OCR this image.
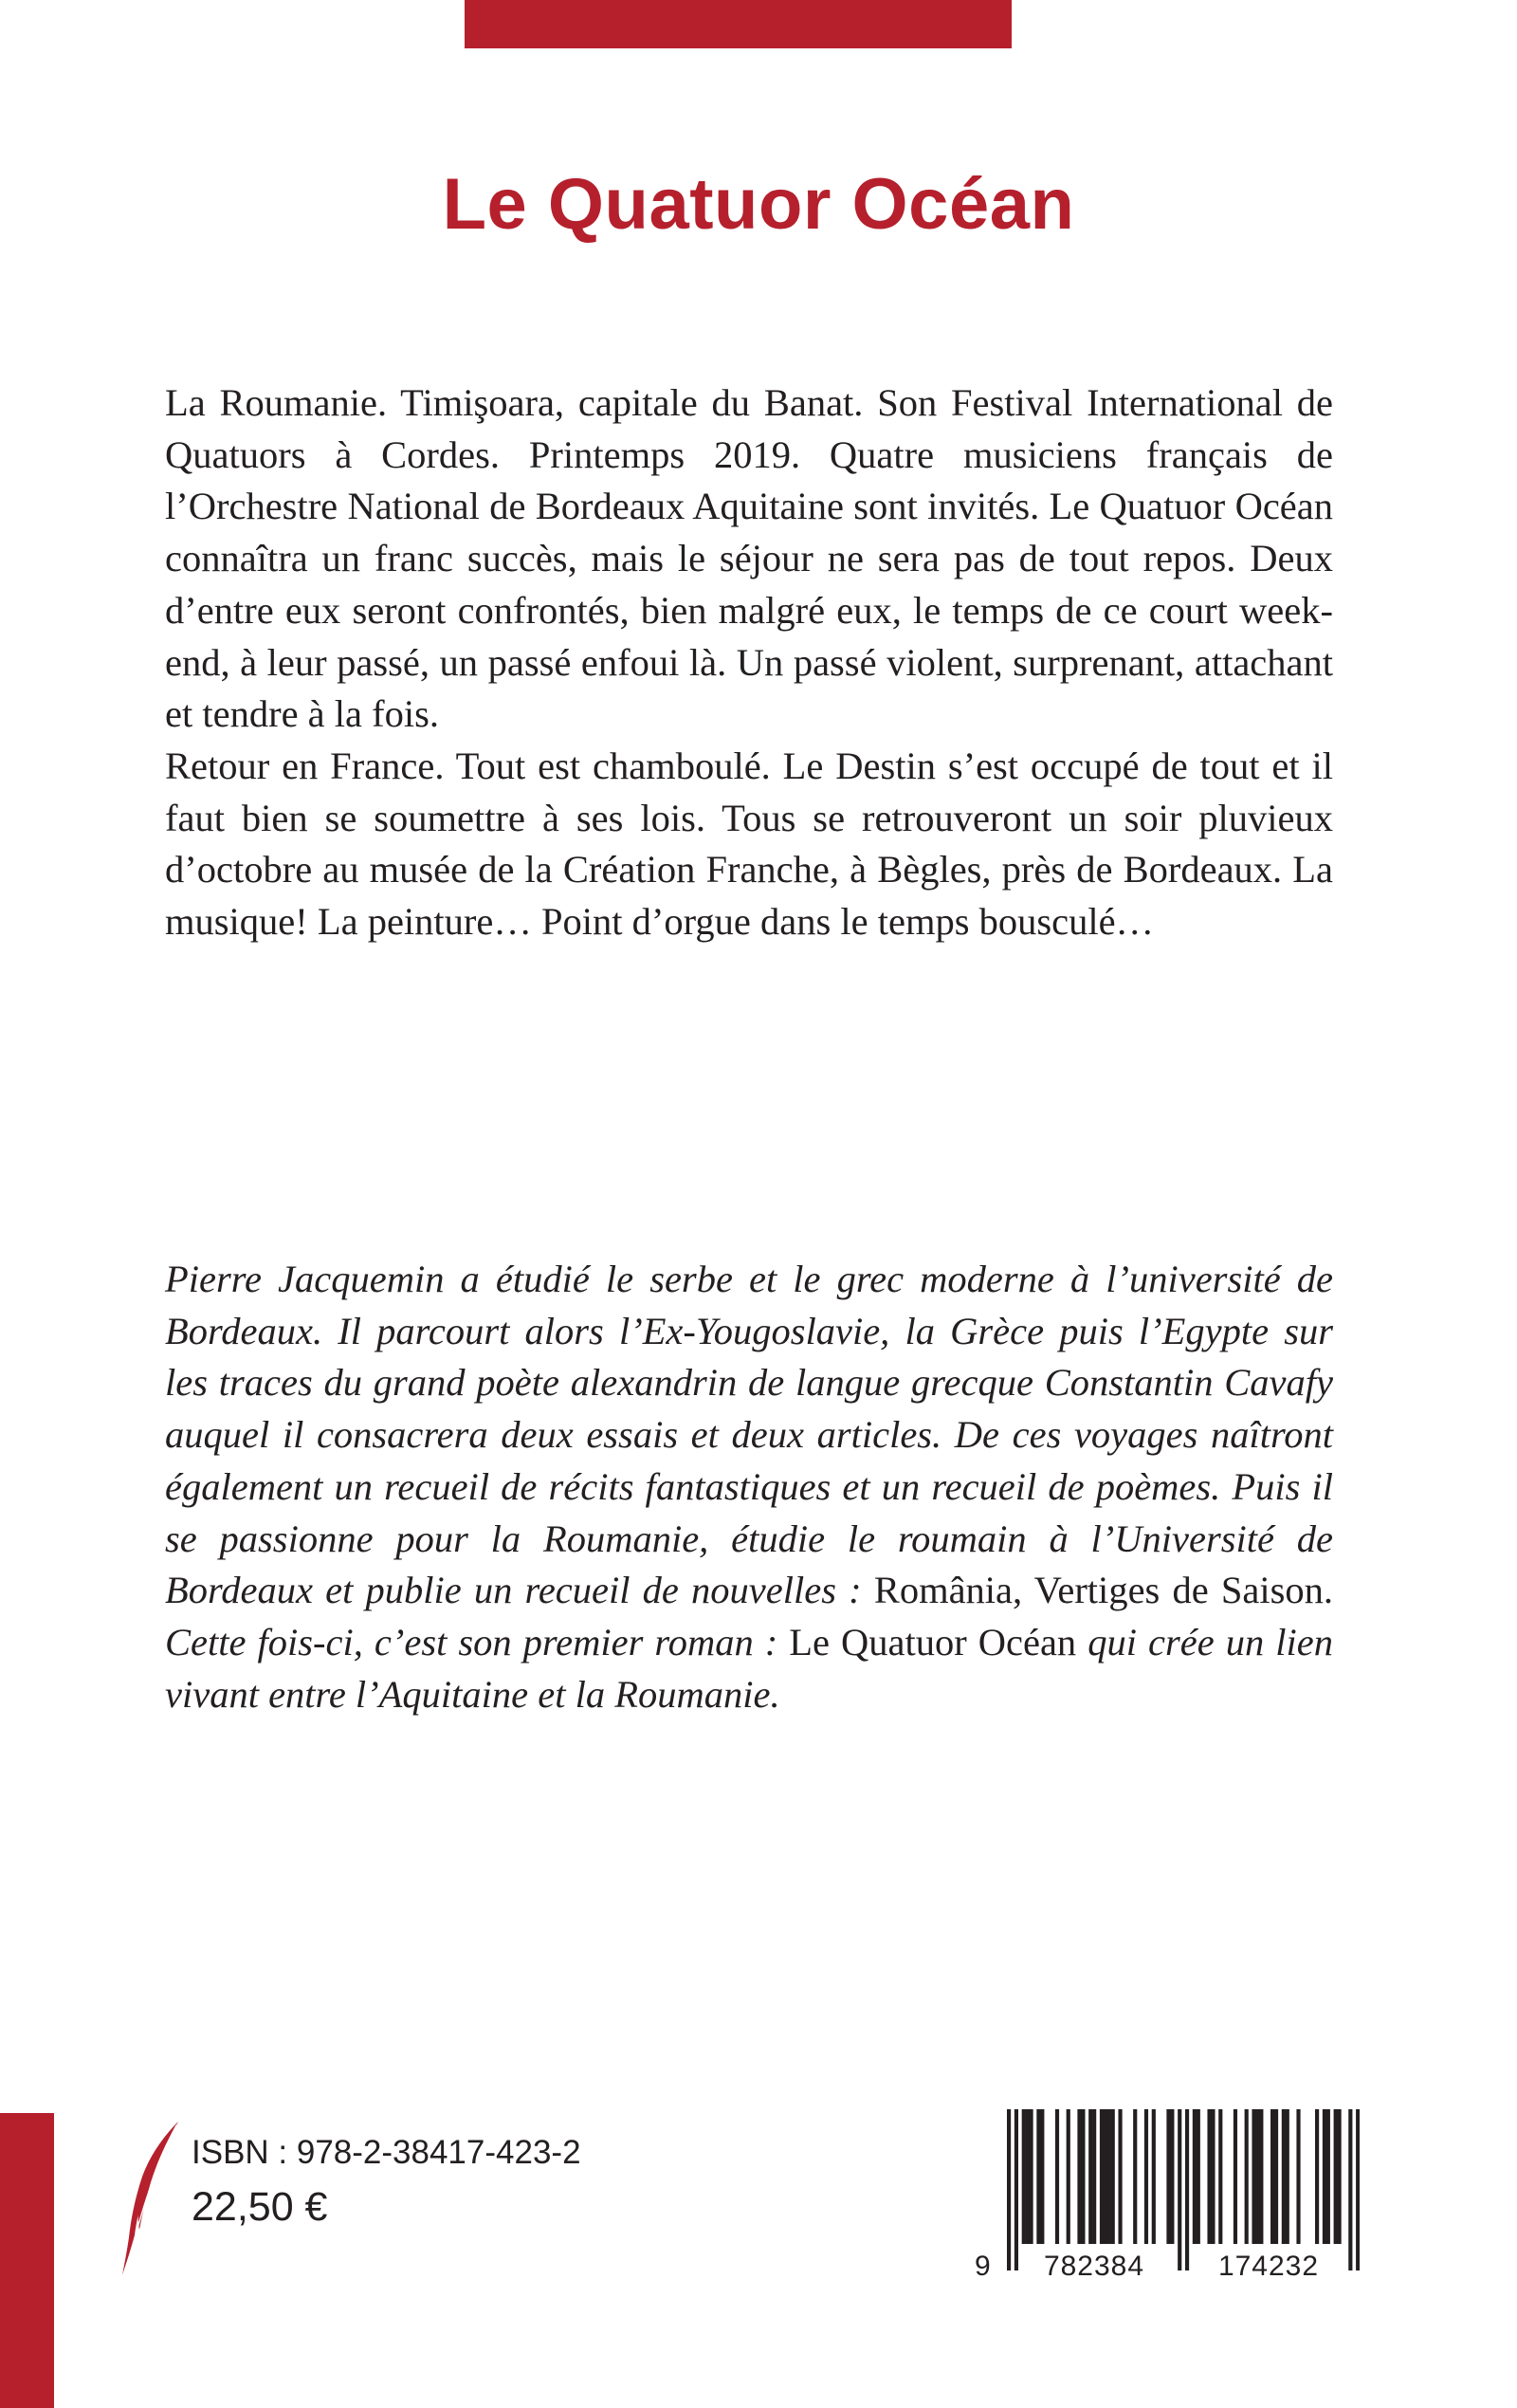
Le Quatuor Océan

La Roumanie. Timişoara, capitale du Banat. Son Festival International de Quatuors à Cordes. Printemps 2019. Quatre musiciens français de l’Orchestre National de Bordeaux Aquitaine sont invités. Le Quatuor Océan connaîtra un franc succès, mais le séjour ne sera pas de tout repos. Deux d’entre eux seront confrontés, bien malgré eux, le temps de ce court week-end, à leur passé, un passé enfoui là. Un passé violent, surprenant, attachant et tendre à la fois.

Retour en France. Tout est chamboulé. Le Destin s’est occupé de tout et il faut bien se soumettre à ses lois. Tous se retrouveront un soir pluvieux d’octobre au musée de la Création Franche, à Bègles, près de Bordeaux. La musique! La peinture… Point d’orgue dans le temps bousculé…

Pierre Jacquemin a étudié le serbe et le grec moderne à l’université de Bordeaux. Il parcourt alors l’Ex-Yougoslavie, la Grèce puis l’Egypte sur les traces du grand poète alexandrin de langue grecque Constantin Cavafy auquel il consacrera deux essais et deux articles. De ces voyages naîtront également un recueil de récits fantastiques et un recueil de poèmes. Puis il se passionne pour la Roumanie, étudie le roumain à l’Université de Bordeaux et publie un recueil de nouvelles : România, Vertiges de Saison. Cette fois-ci, c’est son premier roman : Le Quatuor Océan qui crée un lien vivant entre l’Aquitaine et la Roumanie.

ISBN : 978-2-38417-423-2
22,50 €
9	782384	174232
